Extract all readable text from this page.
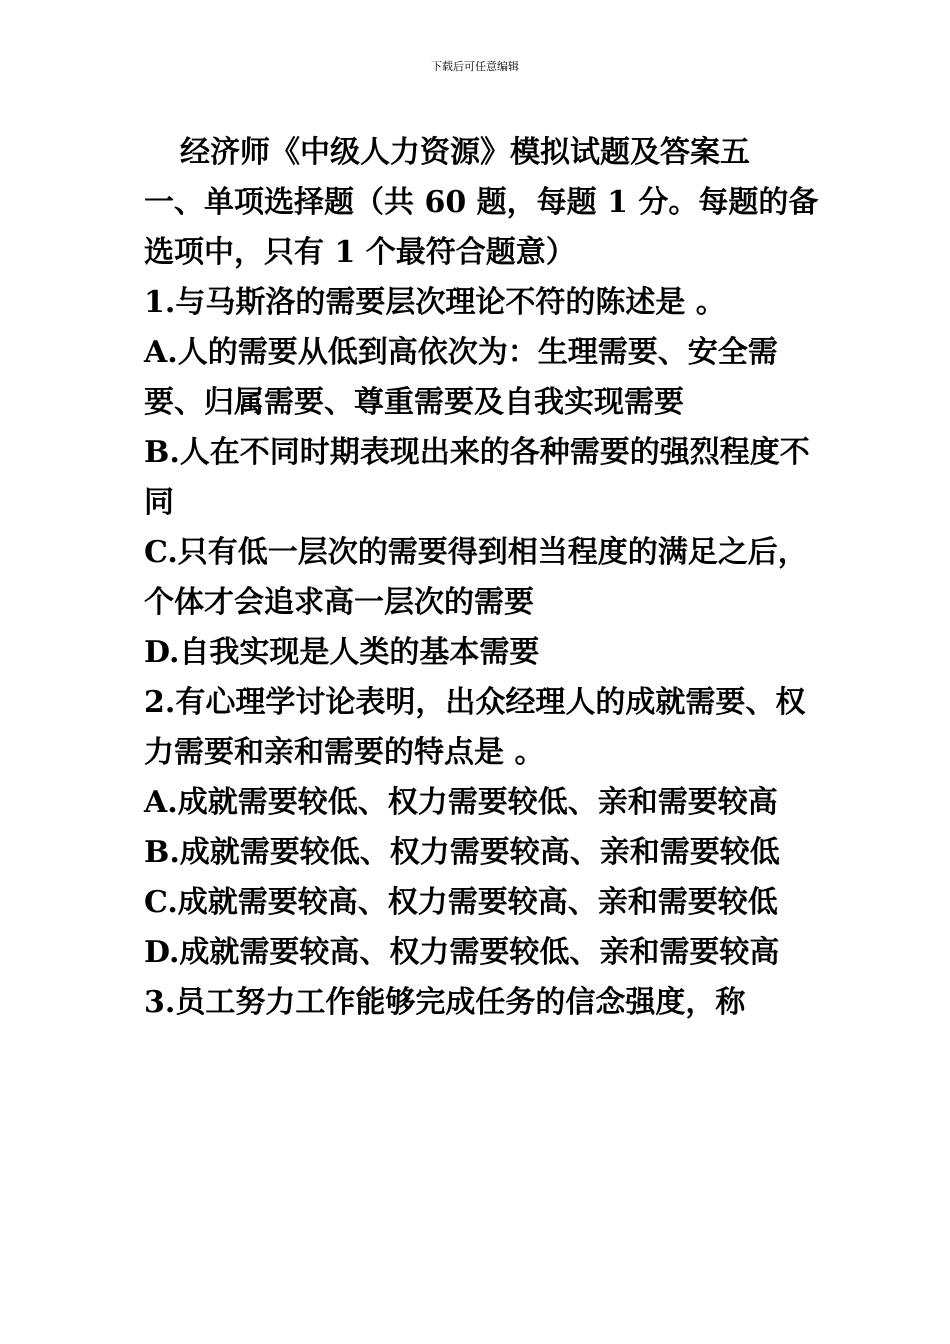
下载后可任意编辑

经济师《中级人力资源》模拟试题及答案五

一、单项选择题（共 60 题，每题 1 分。每题的备选项中，只有 1 个最符合题意）

1.与马斯洛的需要层次理论不符的陈述是 。

A.人的需要从低到高依次为：生理需要、安全需要、归属需要、尊重需要及自我实现需要

B.人在不同时期表现出来的各种需要的强烈程度不同

C.只有低一层次的需要得到相当程度的满足之后，个体才会追求高一层次的需要

D.自我实现是人类的基本需要

2.有心理学讨论表明，出众经理人的成就需要、权力需要和亲和需要的特点是 。

A.成就需要较低、权力需要较低、亲和需要较高

B.成就需要较低、权力需要较高、亲和需要较低

C.成就需要较高、权力需要较高、亲和需要较低

D.成就需要较高、权力需要较低、亲和需要较高

3.员工努力工作能够完成任务的信念强度，称
